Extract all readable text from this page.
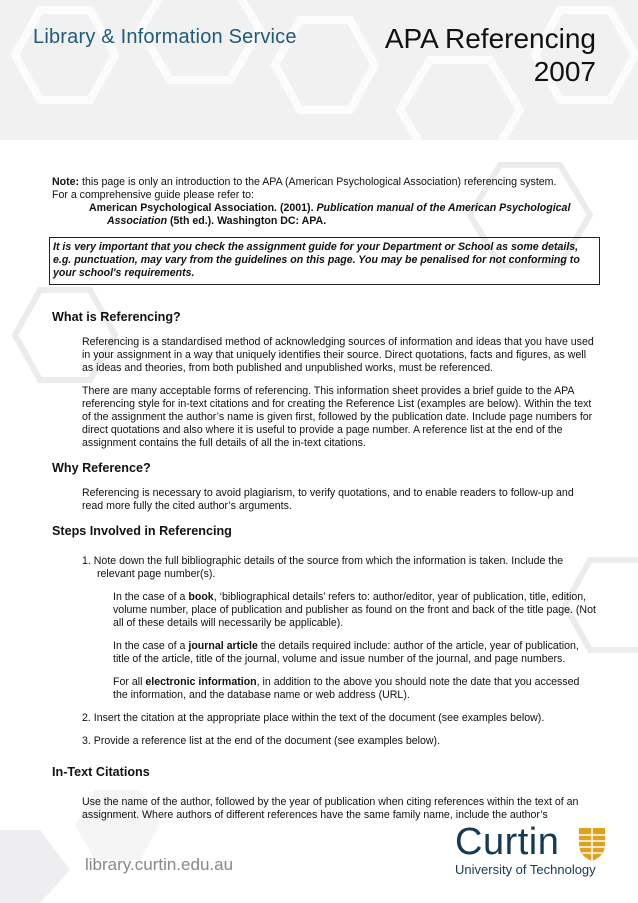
Library & Information Service	APA Referencing
2007

Note: this page is only an introduction to the APA (American Psychological Association) referencing system.

For a comprehensive guide please refer to:

American Psychological Association. (2001). Publication manual of the American Psychological

Association (5th ed.). Washington DC: APA.

It is very important that you check the assignment guide for your Department or School as some details, e.g. punctuation, may vary from the guidelines on this page. You may be penalised for not conforming to your school's requirements.

What is Referencing?

Referencing is a standardised method of acknowledging sources of information and ideas that you have used in your assignment in a way that uniquely identifies their source. Direct quotations, facts and figures, as well as ideas and theories, from both published and unpublished works, must be referenced.

There are many acceptable forms of referencing. This information sheet provides a brief guide to the APA referencing style for in-text citations and for creating the Reference List (examples are below). Within the text of the assignment the author’s name is given first, followed by the publication date. Include page numbers for direct quotations and also where it is useful to provide a page number. A reference list at the end of the assignment contains the full details of all the in-text citations.

Why Reference?

Referencing is necessary to avoid plagiarism, to verify quotations, and to enable readers to follow-up and read more fully the cited author’s arguments.

Steps Involved in Referencing

1. Note down the full bibliographic details of the source from which the information is taken. Include the
relevant page number(s).

In the case of a book, ‘bibliographical details’ refers to: author/editor, year of publication, title, edition, volume number, place of publication and publisher as found on the front and back of the title page. (Not all of these details will necessarily be applicable).

In the case of a journal article the details required include: author of the article, year of publication, title of the article, title of the journal, volume and issue number of the journal, and page numbers.

For all electronic information, in addition to the above you should note the date that you accessed the information, and the database name or web address (URL).

2. Insert the citation at the appropriate place within the text of the document (see examples below).

3. Provide a reference list at the end of the document (see examples below).

In-Text Citations

Use the name of the author, followed by the year of publication when citing references within the text of an assignment. Where authors of different references have the same family name, include the author’s

library.curtin.edu.au
Curtin
University of Technology
